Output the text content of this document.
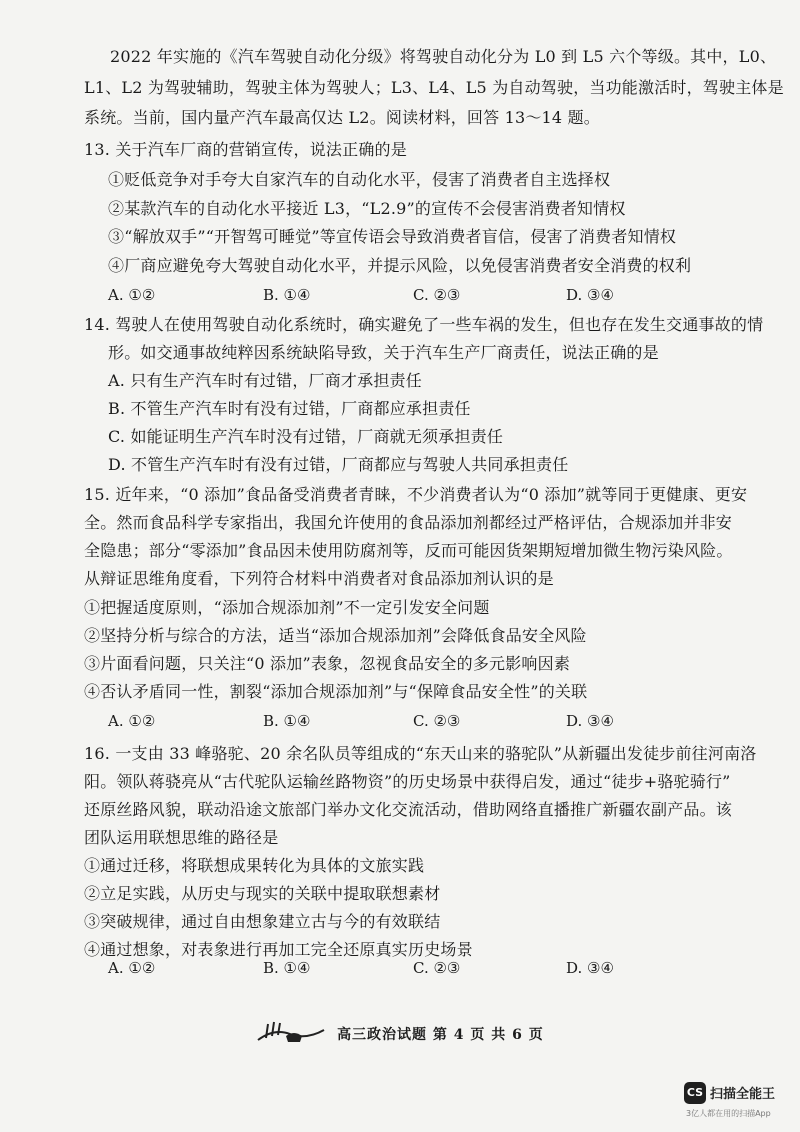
2022 年实施的《汽车驾驶自动化分级》将驾驶自动化分为 L0 到 L5 六个等级。其中，L0、
L1、L2 为驾驶辅助，驾驶主体为驾驶人；L3、L4、L5 为自动驾驶，当功能激活时，驾驶主体是
系统。当前，国内量产汽车最高仅达 L2。阅读材料，回答 13～14 题。
13. 关于汽车厂商的营销宣传，说法正确的是
①贬低竞争对手夸大自家汽车的自动化水平，侵害了消费者自主选择权
②某款汽车的自动化水平接近 L3，“L2.9”的宣传不会侵害消费者知情权
③“解放双手”“开智驾可睡觉”等宣传语会导致消费者盲信，侵害了消费者知情权
④厂商应避免夸大驾驶自动化水平，并提示风险，以免侵害消费者安全消费的权利
A. ①②	B. ①④	C. ②③	D. ③④
14. 驾驶人在使用驾驶自动化系统时，确实避免了一些车祸的发生，但也存在发生交通事故的情
形。如交通事故纯粹因系统缺陷导致，关于汽车生产厂商责任，说法正确的是
A. 只有生产汽车时有过错，厂商才承担责任
B. 不管生产汽车时有没有过错，厂商都应承担责任
C. 如能证明生产汽车时没有过错，厂商就无须承担责任
D. 不管生产汽车时有没有过错，厂商都应与驾驶人共同承担责任
15. 近年来，“0 添加”食品备受消费者青睐，不少消费者认为“0 添加”就等同于更健康、更安
全。然而食品科学专家指出，我国允许使用的食品添加剂都经过严格评估，合规添加并非安
全隐患；部分“零添加”食品因未使用防腐剂等，反而可能因货架期短增加微生物污染风险。
从辩证思维角度看，下列符合材料中消费者对食品添加剂认识的是
①把握适度原则，“添加合规添加剂”不一定引发安全问题
②坚持分析与综合的方法，适当“添加合规添加剂”会降低食品安全风险
③片面看问题，只关注“0 添加”表象，忽视食品安全的多元影响因素
④否认矛盾同一性，割裂“添加合规添加剂”与“保障食品安全性”的关联
A. ①②	B. ①④	C. ②③	D. ③④
16. 一支由 33 峰骆驼、20 余名队员等组成的“东天山来的骆驼队”从新疆出发徒步前往河南洛
阳。领队蒋骁亮从“古代驼队运输丝路物资”的历史场景中获得启发，通过“徒步+骆驼骑行”
还原丝路风貌，联动沿途文旅部门举办文化交流活动，借助网络直播推广新疆农副产品。该
团队运用联想思维的路径是
①通过迁移，将联想成果转化为具体的文旅实践
②立足实践，从历史与现实的关联中提取联想素材
③突破规律，通过自由想象建立古与今的有效联结
④通过想象，对表象进行再加工完全还原真实历史场景
A. ①②	B. ①④	C. ②③	D. ③④
高三政治试题 第 4 页 共 6 页
CS 扫描全能王
3亿人都在用的扫描App
